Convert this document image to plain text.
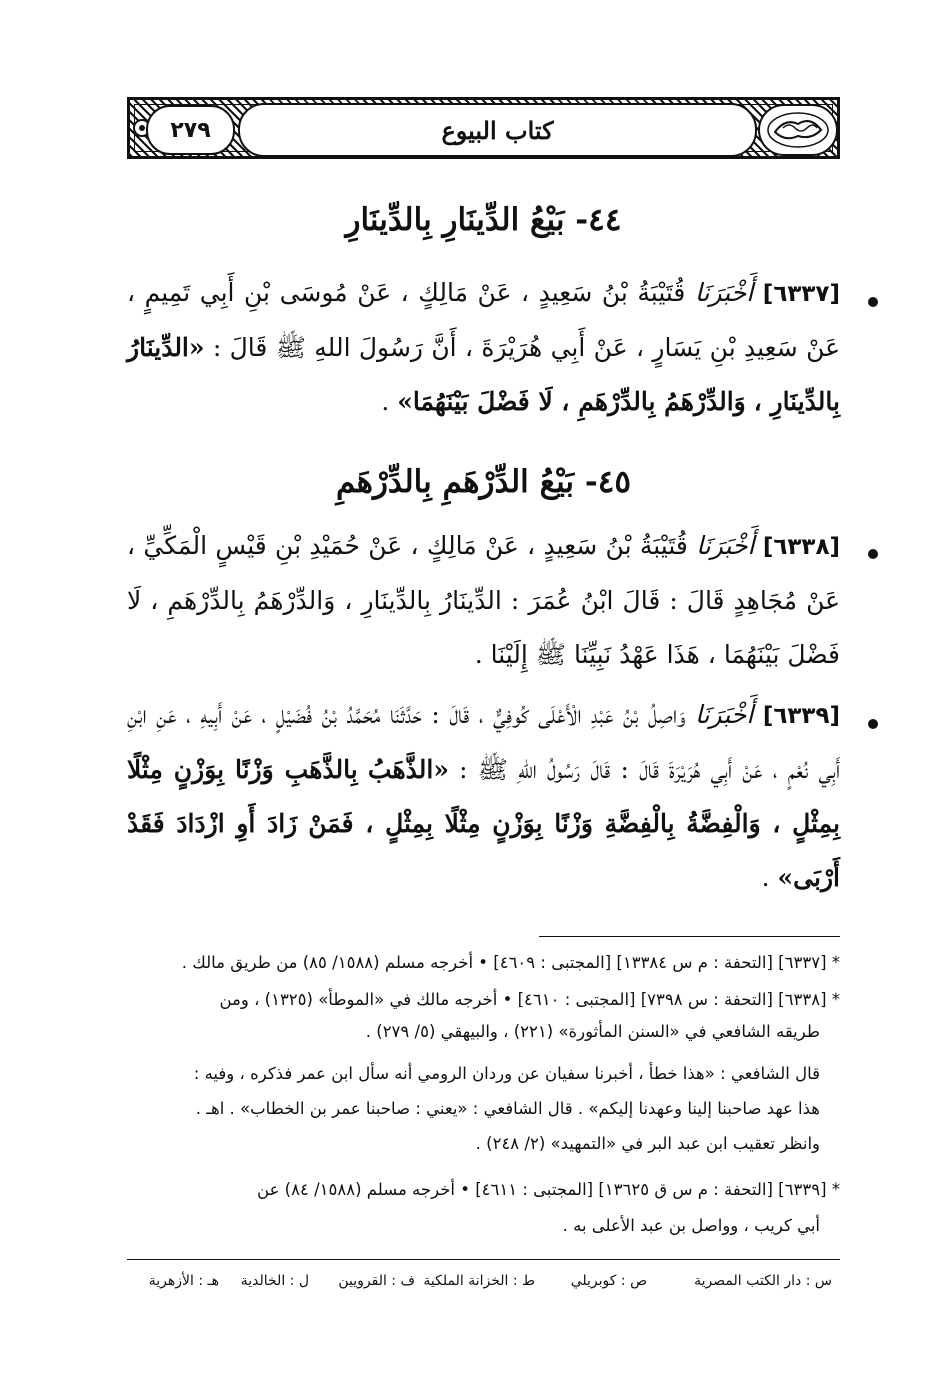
٢٧٩	كتاب البيوع
٤٤- بَيْعُ الدِّينَارِ بِالدِّينَارِ
[٦٣٣٧] أَخْبَرَنَا قُتَيْبَةُ بْنُ سَعِيدٍ ، عَنْ مَالِكٍ ، عَنْ مُوسَى بْنِ أَبِي تَمِيمٍ ، عَنْ سَعِيدِ بْنِ يَسَارٍ ، عَنْ أَبِي هُرَيْرَةَ ، أَنَّ رَسُولَ اللهِ ﷺ قَالَ : «الدِّينَارُ بِالدِّينَارِ ، وَالدِّرْهَمُ بِالدِّرْهَمِ ، لَا فَضْلَ بَيْنَهُمَا» .
٤٥- بَيْعُ الدِّرْهَمِ بِالدِّرْهَمِ
[٦٣٣٨] أَخْبَرَنَا قُتَيْبَةُ بْنُ سَعِيدٍ ، عَنْ مَالِكٍ ، عَنْ حُمَيْدِ بْنِ قَيْسٍ الْمَكِّيِّ ، عَنْ مُجَاهِدٍ قَالَ : قَالَ ابْنُ عُمَرَ : الدِّينَارُ بِالدِّينَارِ ، وَالدِّرْهَمُ بِالدِّرْهَمِ ، لَا فَضْلَ بَيْنَهُمَا ، هَذَا عَهْدُ نَبِيِّنَا ﷺ إِلَيْنَا .
[٦٣٣٩] أَخْبَرَنَا وَاصِلُ بْنُ عَبْدِ الْأَعْلَى كُوفِيٌّ ، قَالَ : حَدَّثَنَا مُحَمَّدُ بْنُ فُضَيْلٍ ، عَنْ أَبِيهِ ، عَنِ ابْنِ أَبِي نُعْمٍ ، عَنْ أَبِي هُرَيْرَةَ قَالَ : قَالَ رَسُولُ اللهِ ﷺ : «الذَّهَبُ بِالذَّهَبِ وَزْنًا بِوَزْنٍ مِثْلًا بِمِثْلٍ ، وَالْفِضَّةُ بِالْفِضَّةِ وَزْنًا بِوَزْنٍ مِثْلًا بِمِثْلٍ ، فَمَنْ زَادَ أَوِ ازْدَادَ فَقَدْ أَرْبَى» .
* [٦٣٣٧] [التحفة : م س ١٣٣٨٤] [المجتبى : ٤٦٠٩] • أخرجه مسلم (١٥٨٨/ ٨٥) من طريق مالك .
* [٦٣٣٨] [التحفة : س ٧٣٩٨] [المجتبى : ٤٦١٠] • أخرجه مالك في «الموطأ» (١٣٢٥) ، ومن
طريقه الشافعي في «السنن المأثورة» (٢٢١) ، والبيهقي (٥/ ٢٧٩) .
قال الشافعي : «هذا خطأ ، أخبرنا سفيان عن وردان الرومي أنه سأل ابن عمر فذكره ، وفيه :
هذا عهد صاحبنا إلينا وعهدنا إليكم» . قال الشافعي : «يعني : صاحبنا عمر بن الخطاب» . اهـ .
وانظر تعقيب ابن عبد البر في «التمهيد» (٢/ ٢٤٨) .
* [٦٣٣٩] [التحفة : م س ق ١٣٦٢٥] [المجتبى : ٤٦١١] • أخرجه مسلم (١٥٨٨/ ٨٤) عن
أبي كريب ، وواصل بن عبد الأعلى به .
س : دار الكتب المصرية
ص : كوبريلي
ط : الخزانة الملكية
ف : القرويين
ل : الخالدية
هـ : الأزهرية
